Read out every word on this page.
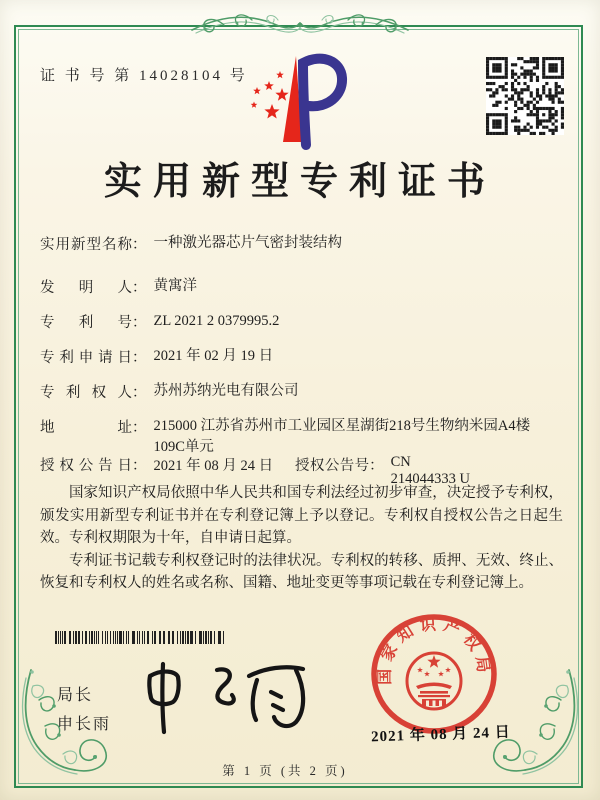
证 书 号 第 14028104 号
实用新型专利证书
实用新型名称 ： 一种激光器芯片气密封装结构
发明人 ： 黄寓洋
专利号 ： ZL 2021 2 0379995.2
专利申请日 ： 2021 年 02 月 19 日
专利权人 ： 苏州苏纳光电有限公司
地址 ： 215000 江苏省苏州市工业园区星湖街218号生物纳米园A4楼109C单元
授权公告日 ： 2021 年 08 月 24 日 授权公告号 ： CN 214044333 U

国家知识产权局依照中华人民共和国专利法经过初步审查，决定授予专利权，颁发实用新型专利证书并在专利登记簿上予以登记。专利权自授权公告之日起生效。专利权期限为十年，自申请日起算。

专利证书记载专利权登记时的法律状况。专利权的转移、质押、无效、终止、恢复和专利权人的姓名或名称、国籍、地址变更等事项记载在专利登记簿上。

局长
申长雨
国家知识产权局
2021 年 08 月 24 日
第 1 页 (共 2 页)
